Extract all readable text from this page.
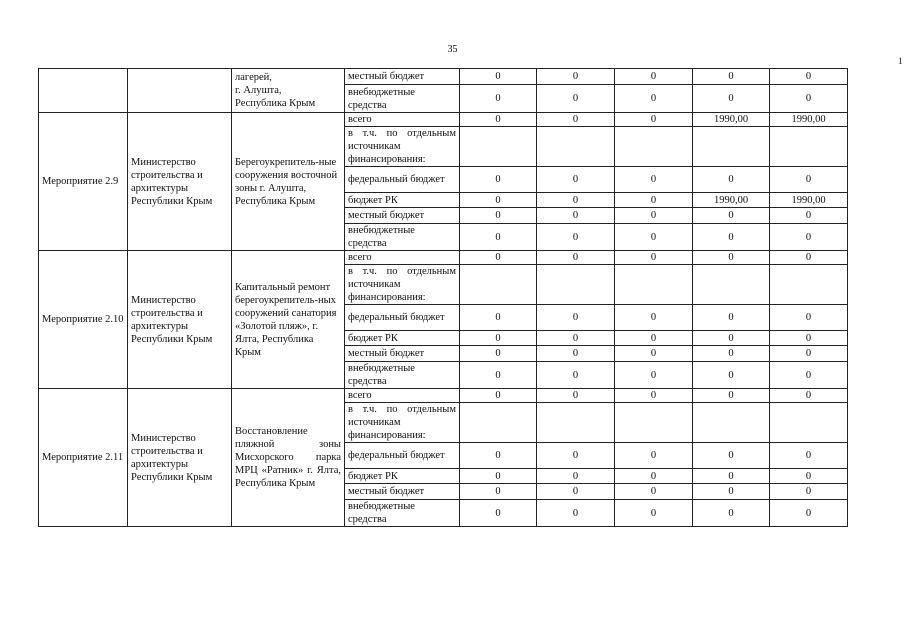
35
1
		лагерей,
г. Алушта,
Республика Крым	местный бюджет	0	0	0	0	0
			внебюджетные средства	0	0	0	0	0
Мероприятие 2.9	Министерство строительства и архитектуры Республики Крым	Берегоукрепитель-ные сооружения восточной зоны г. Алушта, Республика Крым	всего	0	0	0	1990,00	1990,00
			в т.ч. по отдельным источникам финансирования:					
			федеральный бюджет	0	0	0	0	0
			бюджет РК	0	0	0	1990,00	1990,00
			местный бюджет	0	0	0	0	0
			внебюджетные средства	0	0	0	0	0
Мероприятие 2.10	Министерство строительства и архитектуры Республики Крым	Капитальный ремонт берегоукрепитель-ных сооружений санатория «Золотой пляж», г. Ялта, Республика Крым	всего	0	0	0	0	0
			в т.ч. по отдельным источникам финансирования:					
			федеральный бюджет	0	0	0	0	0
			бюджет РК	0	0	0	0	0
			местный бюджет	0	0	0	0	0
			внебюджетные средства	0	0	0	0	0
Мероприятие 2.11	Министерство строительства и архитектуры Республики Крым	Восстановление пляжной зоны Мисхорского парка МРЦ «Ратник» г. Ялта, Республика Крым	всего	0	0	0	0	0
			в т.ч. по отдельным источникам финансирования:					
			федеральный бюджет	0	0	0	0	0
			бюджет РК	0	0	0	0	0
			местный бюджет	0	0	0	0	0
			внебюджетные средства	0	0	0	0	0
